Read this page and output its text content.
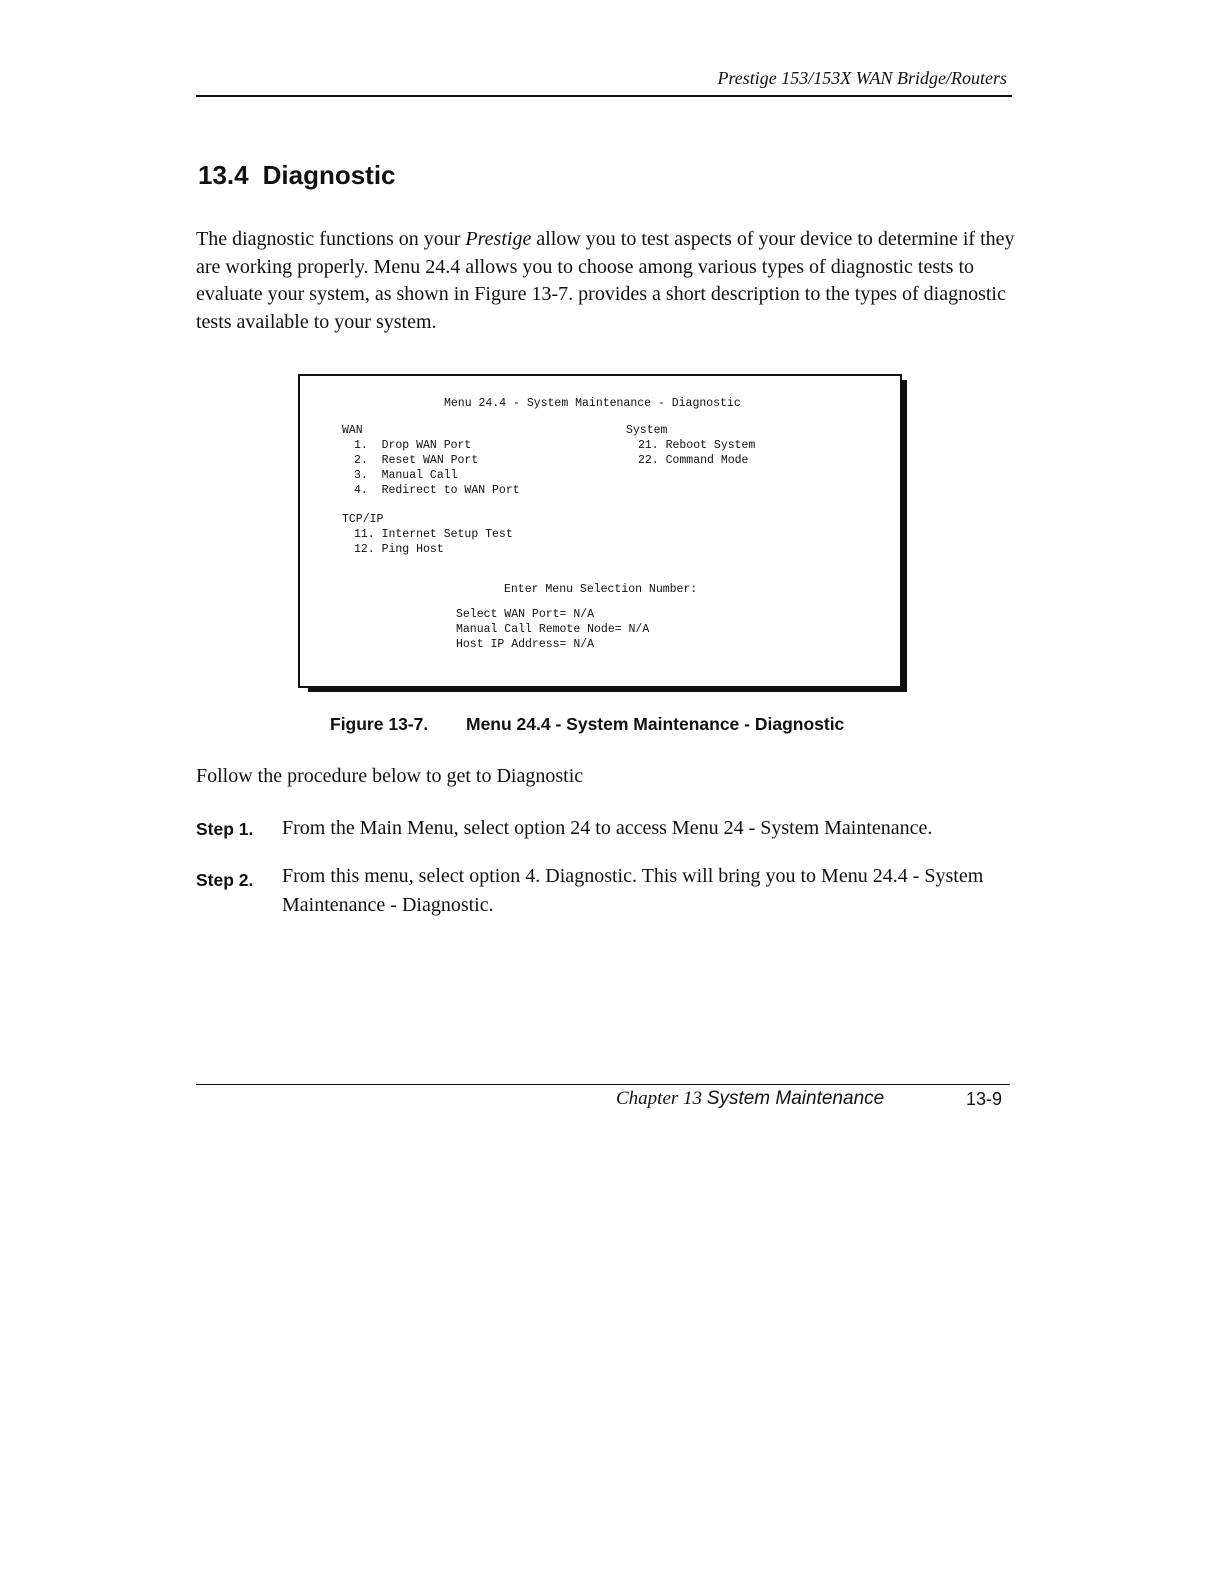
Prestige 153/153X WAN Bridge/Routers
13.4 Diagnostic

The diagnostic functions on your Prestige allow you to test aspects of your device to determine if they are working properly. Menu 24.4 allows you to choose among various types of diagnostic tests to evaluate your system, as shown in Figure 13-7. provides a short description to the types of diagnostic tests available to your system.

Menu 24.4 - System Maintenance - Diagnostic
WAN
1.  Drop WAN Port
2.  Reset WAN Port
3.  Manual Call
4.  Redirect to WAN Port
System
21. Reboot System
22. Command Mode
TCP/IP
11. Internet Setup Test
12. Ping Host
Enter Menu Selection Number:
Select WAN Port= N/A
Manual Call Remote Node= N/A
Host IP Address= N/A
Figure 13-7. Menu 24.4 - System Maintenance - Diagnostic

Follow the procedure below to get to Diagnostic

Step 1. From the Main Menu, select option 24 to access Menu 24 - System Maintenance.

Step 2. From this menu, select option 4. Diagnostic. This will bring you to Menu 24.4 - System Maintenance - Diagnostic.

Chapter 13 System Maintenance	13-9
